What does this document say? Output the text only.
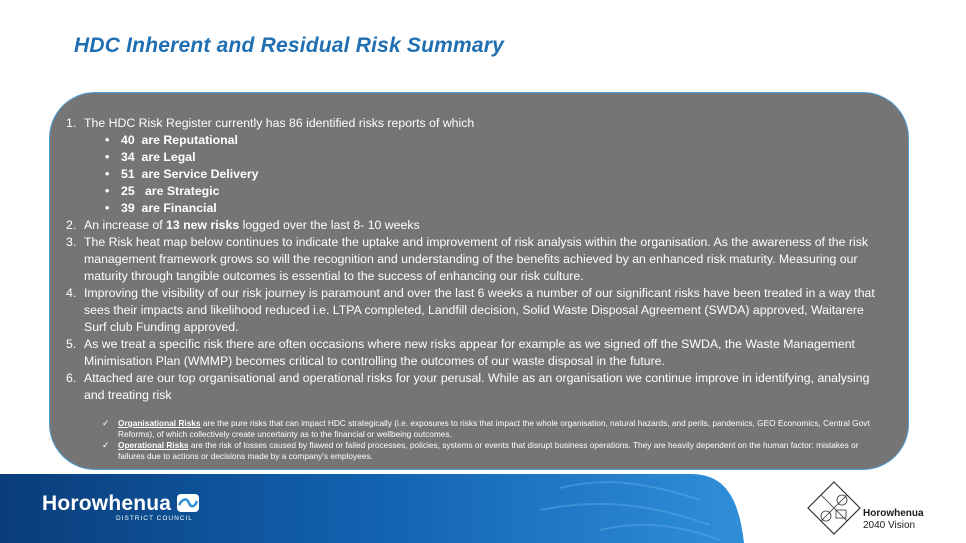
HDC Inherent and Residual Risk Summary
1. The HDC Risk Register currently has 86 identified risks reports of which
• 40 are Reputational
• 34 are Legal
• 51 are Service Delivery
• 25   are Strategic
• 39 are Financial
2. An increase of 13 new risks logged over the last 8- 10 weeks
3. The Risk heat map below continues to indicate the uptake and improvement of risk analysis within the organisation. As the awareness of the risk management framework grows so will the recognition and understanding of the benefits achieved by an enhanced risk maturity. Measuring our maturity through tangible outcomes is essential to the success of enhancing our risk culture.
4. Improving the visibility of our risk journey is paramount and over the last 6 weeks a number of our significant risks have been treated in a way that sees their impacts and likelihood reduced i.e. LTPA completed, Landfill decision, Solid Waste Disposal Agreement (SWDA) approved, Waitarere Surf club Funding approved.
5. As we treat a specific risk there are often occasions where new risks appear for example as we signed off the SWDA, the Waste Management Minimisation Plan (WMMP) becomes critical to controlling the outcomes of our waste disposal in the future.
6. Attached are our top organisational and operational risks for your perusal. While as an organisation we continue improve in identifying, analysing and treating risk
✓ Organisational Risks are the pure risks that can impact HDC strategically (i.e. exposures to risks that impact the whole organisation, natural hazards, and perils, pandemics, GEO Economics, Central Govt Reforms), of which collectively create uncertainty as to the financial or wellbeing outcomes.
✓ Operational Risks are the risk of losses caused by flawed or failed processes, policies, systems or events that disrupt business operations. They are heavily dependent on the human factor: mistakes or failures due to actions or decisions made by a company's employees.
Horowhenua
DISTRICT COUNCIL	Horowhenua
2040 Vision
